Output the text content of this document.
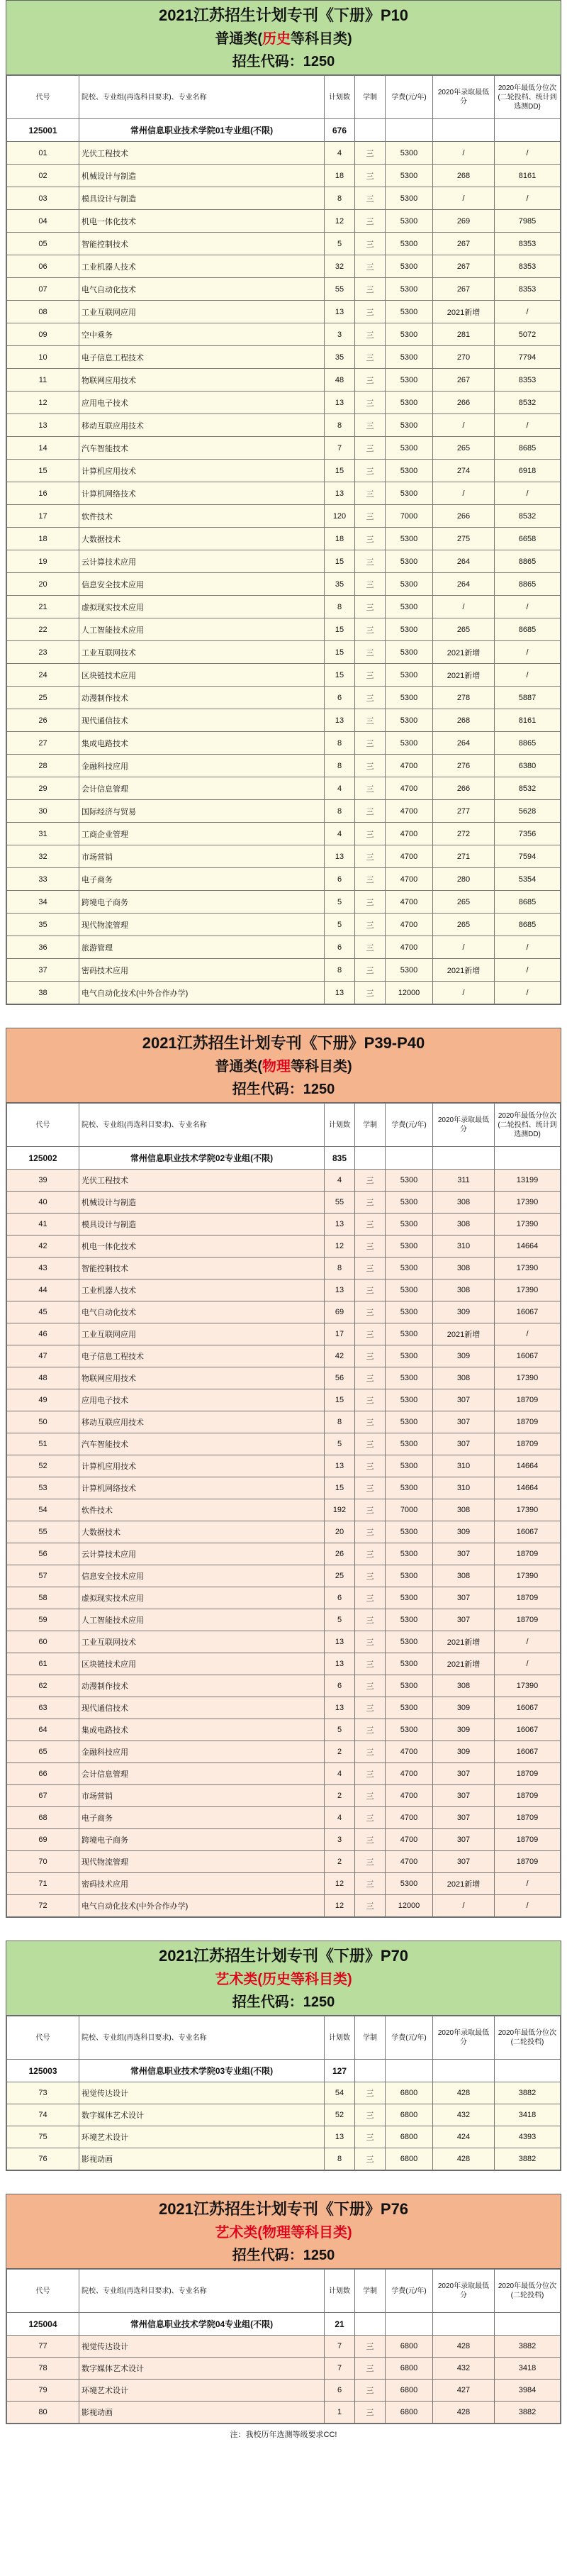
2021江苏招生计划专刊《下册》P10
普通类(历史等科目类)
招生代码：1250
代号	院校、专业组(再选科目要求)、专业名称	计划数	学制	学费(元/年)	2020年录取最低分	2020年最低分位次(二轮投档、统计到选测DD)
125001	常州信息职业技术学院01专业组(不限)	676				
01	光伏工程技术	4	三	5300	/	/
02	机械设计与制造	18	三	5300	268	8161
03	模具设计与制造	8	三	5300	/	/
04	机电一体化技术	12	三	5300	269	7985
05	智能控制技术	5	三	5300	267	8353
06	工业机器人技术	32	三	5300	267	8353
07	电气自动化技术	55	三	5300	267	8353
08	工业互联网应用	13	三	5300	2021新增	/
09	空中乘务	3	三	5300	281	5072
10	电子信息工程技术	35	三	5300	270	7794
11	物联网应用技术	48	三	5300	267	8353
12	应用电子技术	13	三	5300	266	8532
13	移动互联应用技术	8	三	5300	/	/
14	汽车智能技术	7	三	5300	265	8685
15	计算机应用技术	15	三	5300	274	6918
16	计算机网络技术	13	三	5300	/	/
17	软件技术	120	三	7000	266	8532
18	大数据技术	18	三	5300	275	6658
19	云计算技术应用	15	三	5300	264	8865
20	信息安全技术应用	35	三	5300	264	8865
21	虚拟现实技术应用	8	三	5300	/	/
22	人工智能技术应用	15	三	5300	265	8685
23	工业互联网技术	15	三	5300	2021新增	/
24	区块链技术应用	15	三	5300	2021新增	/
25	动漫制作技术	6	三	5300	278	5887
26	现代通信技术	13	三	5300	268	8161
27	集成电路技术	8	三	5300	264	8865
28	金融科技应用	8	三	4700	276	6380
29	会计信息管理	4	三	4700	266	8532
30	国际经济与贸易	8	三	4700	277	5628
31	工商企业管理	4	三	4700	272	7356
32	市场营销	13	三	4700	271	7594
33	电子商务	6	三	4700	280	5354
34	跨境电子商务	5	三	4700	265	8685
35	现代物流管理	5	三	4700	265	8685
36	旅游管理	6	三	4700	/	/
37	密码技术应用	8	三	5300	2021新增	/
38	电气自动化技术(中外合作办学)	13	三	12000	/	/
2021江苏招生计划专刊《下册》P39-P40
普通类(物理等科目类)
招生代码：1250
代号	院校、专业组(再选科目要求)、专业名称	计划数	学制	学费(元/年)	2020年录取最低分	2020年最低分位次(二轮投档、统计到选测DD)
125002	常州信息职业技术学院02专业组(不限)	835				
39	光伏工程技术	4	三	5300	311	13199
40	机械设计与制造	55	三	5300	308	17390
41	模具设计与制造	13	三	5300	308	17390
42	机电一体化技术	12	三	5300	310	14664
43	智能控制技术	8	三	5300	308	17390
44	工业机器人技术	13	三	5300	308	17390
45	电气自动化技术	69	三	5300	309	16067
46	工业互联网应用	17	三	5300	2021新增	/
47	电子信息工程技术	42	三	5300	309	16067
48	物联网应用技术	56	三	5300	308	17390
49	应用电子技术	15	三	5300	307	18709
50	移动互联应用技术	8	三	5300	307	18709
51	汽车智能技术	5	三	5300	307	18709
52	计算机应用技术	13	三	5300	310	14664
53	计算机网络技术	15	三	5300	310	14664
54	软件技术	192	三	7000	308	17390
55	大数据技术	20	三	5300	309	16067
56	云计算技术应用	26	三	5300	307	18709
57	信息安全技术应用	25	三	5300	308	17390
58	虚拟现实技术应用	6	三	5300	307	18709
59	人工智能技术应用	5	三	5300	307	18709
60	工业互联网技术	13	三	5300	2021新增	/
61	区块链技术应用	13	三	5300	2021新增	/
62	动漫制作技术	6	三	5300	308	17390
63	现代通信技术	13	三	5300	309	16067
64	集成电路技术	5	三	5300	309	16067
65	金融科技应用	2	三	4700	309	16067
66	会计信息管理	4	三	4700	307	18709
67	市场营销	2	三	4700	307	18709
68	电子商务	4	三	4700	307	18709
69	跨境电子商务	3	三	4700	307	18709
70	现代物流管理	2	三	4700	307	18709
71	密码技术应用	12	三	5300	2021新增	/
72	电气自动化技术(中外合作办学)	12	三	12000	/	/
2021江苏招生计划专刊《下册》P70
艺术类(历史等科目类)
招生代码：1250
代号	院校、专业组(再选科目要求)、专业名称	计划数	学制	学费(元/年)	2020年录取最低分	2020年最低分位次(二轮投档)
125003	常州信息职业技术学院03专业组(不限)	127				
73	视觉传达设计	54	三	6800	428	3882
74	数字媒体艺术设计	52	三	6800	432	3418
75	环境艺术设计	13	三	6800	424	4393
76	影视动画	8	三	6800	428	3882
2021江苏招生计划专刊《下册》P76
艺术类(物理等科目类)
招生代码：1250
代号	院校、专业组(再选科目要求)、专业名称	计划数	学制	学费(元/年)	2020年录取最低分	2020年最低分位次(二轮投档)
125004	常州信息职业技术学院04专业组(不限)	21				
77	视觉传达设计	7	三	6800	428	3882
78	数字媒体艺术设计	7	三	6800	432	3418
79	环境艺术设计	6	三	6800	427	3984
80	影视动画	1	三	6800	428	3882
注：我校历年选测等级要求CC!
